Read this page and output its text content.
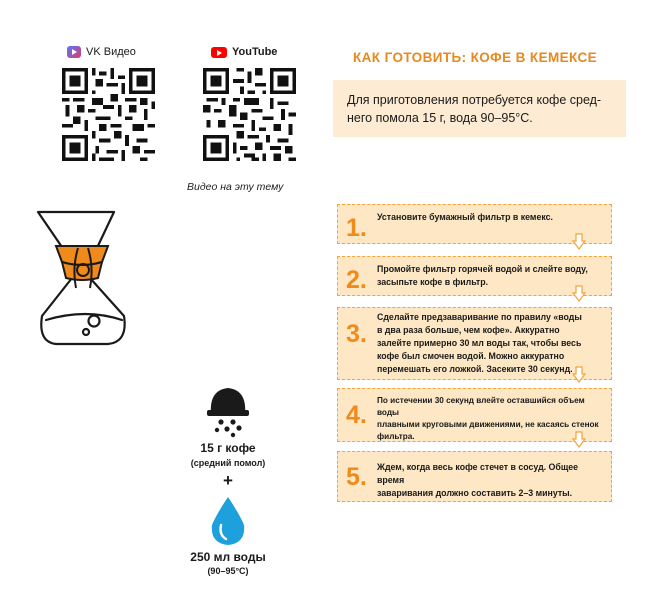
VK Видео	YouTube
Видео на эту тему
КАК ГОТОВИТЬ: КОФЕ В КЕМЕКСЕ
Для приготовления потребуется кофе сред-
него помола 15 г, вода 90–95°С.
15 г кофе
(средний помол)
+
250 мл воды
(90–95°С)
1. Установите бумажный фильтр в кемекс.
2. Промойте фильтр горячей водой и слейте воду,
засыпьте кофе в фильтр.
3.
Сделайте предзаваривание по правилу «воды
в два раза больше, чем кофе». Аккуратно
залейте примерно 30 мл воды так, чтобы весь
кофе был смочен водой. Можно аккуратно
перемешать его ложкой. Засеките 30 секунд.
4.
По истечении 30 секунд влейте оставшийся объем воды
плавными круговыми движениями, не касаясь стенок
фильтра.
5. Ждем, когда весь кофе стечет в сосуд. Общее время
заваривания должно составить 2–3 минуты.
